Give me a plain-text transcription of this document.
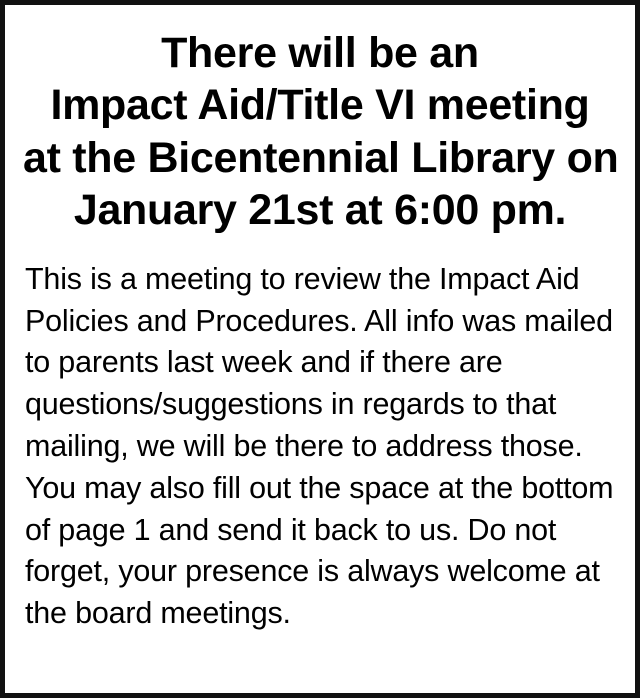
There will be an
Impact Aid/Title VI meeting
at the Bicentennial Library on
January 21st at 6:00 pm.
This is a meeting to review the Impact Aid Policies and Procedures. All info was mailed to parents last week and if there are questions/suggestions in regards to that mailing, we will be there to address those. You may also fill out the space at the bottom of page 1 and send it back to us. Do not forget, your presence is always welcome at the board meetings.
